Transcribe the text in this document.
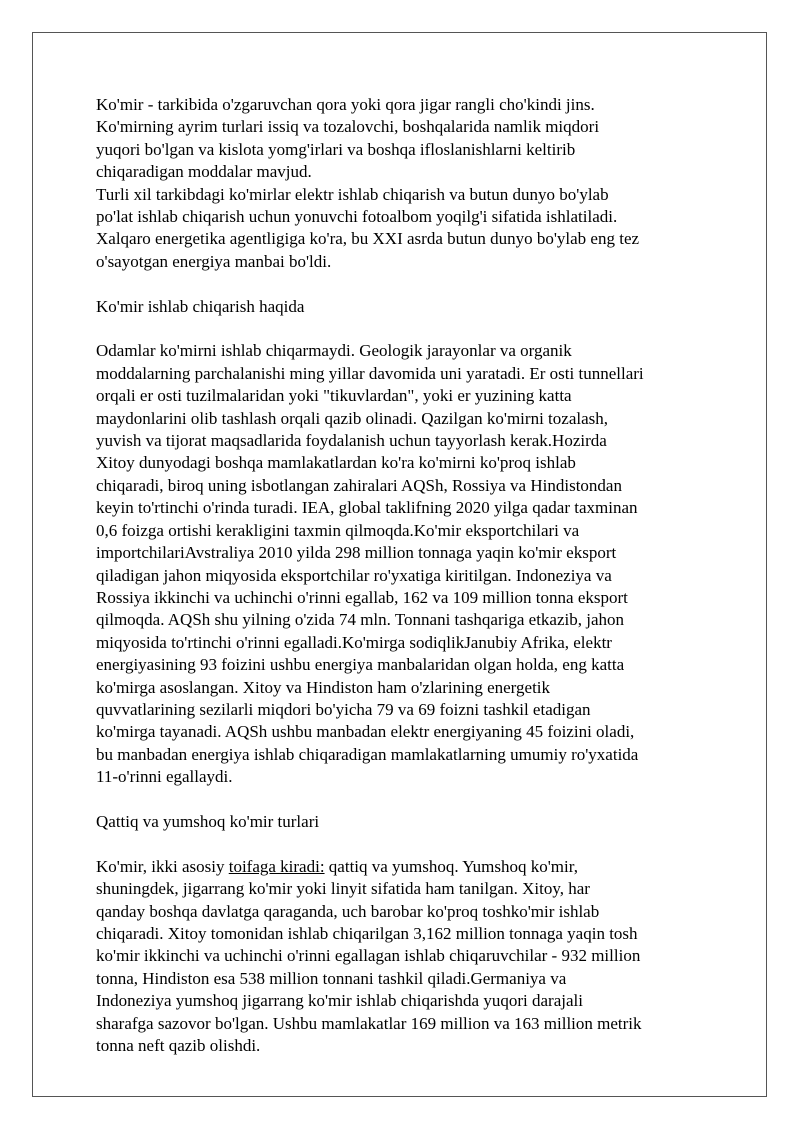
Ko'mir - tarkibida o'zgaruvchan qora yoki qora jigar rangli cho'kindi jins.
Ko'mirning ayrim turlari issiq va tozalovchi, boshqalarida namlik miqdori
yuqori bo'lgan va kislota yomg'irlari va boshqa ifloslanishlarni keltirib
chiqaradigan moddalar mavjud.
Turli xil tarkibdagi ko'mirlar elektr ishlab chiqarish va butun dunyo bo'ylab
po'lat ishlab chiqarish uchun yonuvchi fotoalbom yoqilg'i sifatida ishlatiladi.
Xalqaro energetika agentligiga ko'ra, bu XXI asrda butun dunyo bo'ylab eng tez
o'sayotgan energiya manbai bo'ldi.

Ko'mir ishlab chiqarish haqida

Odamlar ko'mirni ishlab chiqarmaydi. Geologik jarayonlar va organik
moddalarning parchalanishi ming yillar davomida uni yaratadi. Er osti tunnellari
orqali er osti tuzilmalaridan yoki "tikuvlardan", yoki er yuzining katta
maydonlarini olib tashlash orqali qazib olinadi. Qazilgan ko'mirni tozalash,
yuvish va tijorat maqsadlarida foydalanish uchun tayyorlash kerak.Hozirda
Xitoy dunyodagi boshqa mamlakatlardan ko'ra ko'mirni ko'proq ishlab
chiqaradi, biroq uning isbotlangan zahiralari AQSh, Rossiya va Hindistondan
keyin to'rtinchi o'rinda turadi. IEA, global taklifning 2020 yilga qadar taxminan
0,6 foizga ortishi kerakligini taxmin qilmoqda.Ko'mir eksportchilari va
importchilariAvstraliya 2010 yilda 298 million tonnaga yaqin ko'mir eksport
qiladigan jahon miqyosida eksportchilar ro'yxatiga kiritilgan. Indoneziya va
Rossiya ikkinchi va uchinchi o'rinni egallab, 162 va 109 million tonna eksport
qilmoqda. AQSh shu yilning o'zida 74 mln. Tonnani tashqariga etkazib, jahon
miqyosida to'rtinchi o'rinni egalladi.Ko'mirga sodiqlikJanubiy Afrika, elektr
energiyasining 93 foizini ushbu energiya manbalaridan olgan holda, eng katta
ko'mirga asoslangan. Xitoy va Hindiston ham o'zlarining energetik
quvvatlarining sezilarli miqdori bo'yicha 79 va 69 foizni tashkil etadigan
ko'mirga tayanadi. AQSh ushbu manbadan elektr energiyaning 45 foizini oladi,
bu manbadan energiya ishlab chiqaradigan mamlakatlarning umumiy ro'yxatida
11-o'rinni egallaydi.

Qattiq va yumshoq ko'mir turlari

Ko'mir, ikki asosiy toifaga kiradi: qattiq va yumshoq. Yumshoq ko'mir,
shuningdek, jigarrang ko'mir yoki linyit sifatida ham tanilgan. Xitoy, har
qanday boshqa davlatga qaraganda, uch barobar ko'proq toshko'mir ishlab
chiqaradi. Xitoy tomonidan ishlab chiqarilgan 3,162 million tonnaga yaqin tosh
ko'mir ikkinchi va uchinchi o'rinni egallagan ishlab chiqaruvchilar - 932 million
tonna, Hindiston esa 538 million tonnani tashkil qiladi.Germaniya va
Indoneziya yumshoq jigarrang ko'mir ishlab chiqarishda yuqori darajali
sharafga sazovor bo'lgan. Ushbu mamlakatlar 169 million va 163 million metrik
tonna neft qazib olishdi.
